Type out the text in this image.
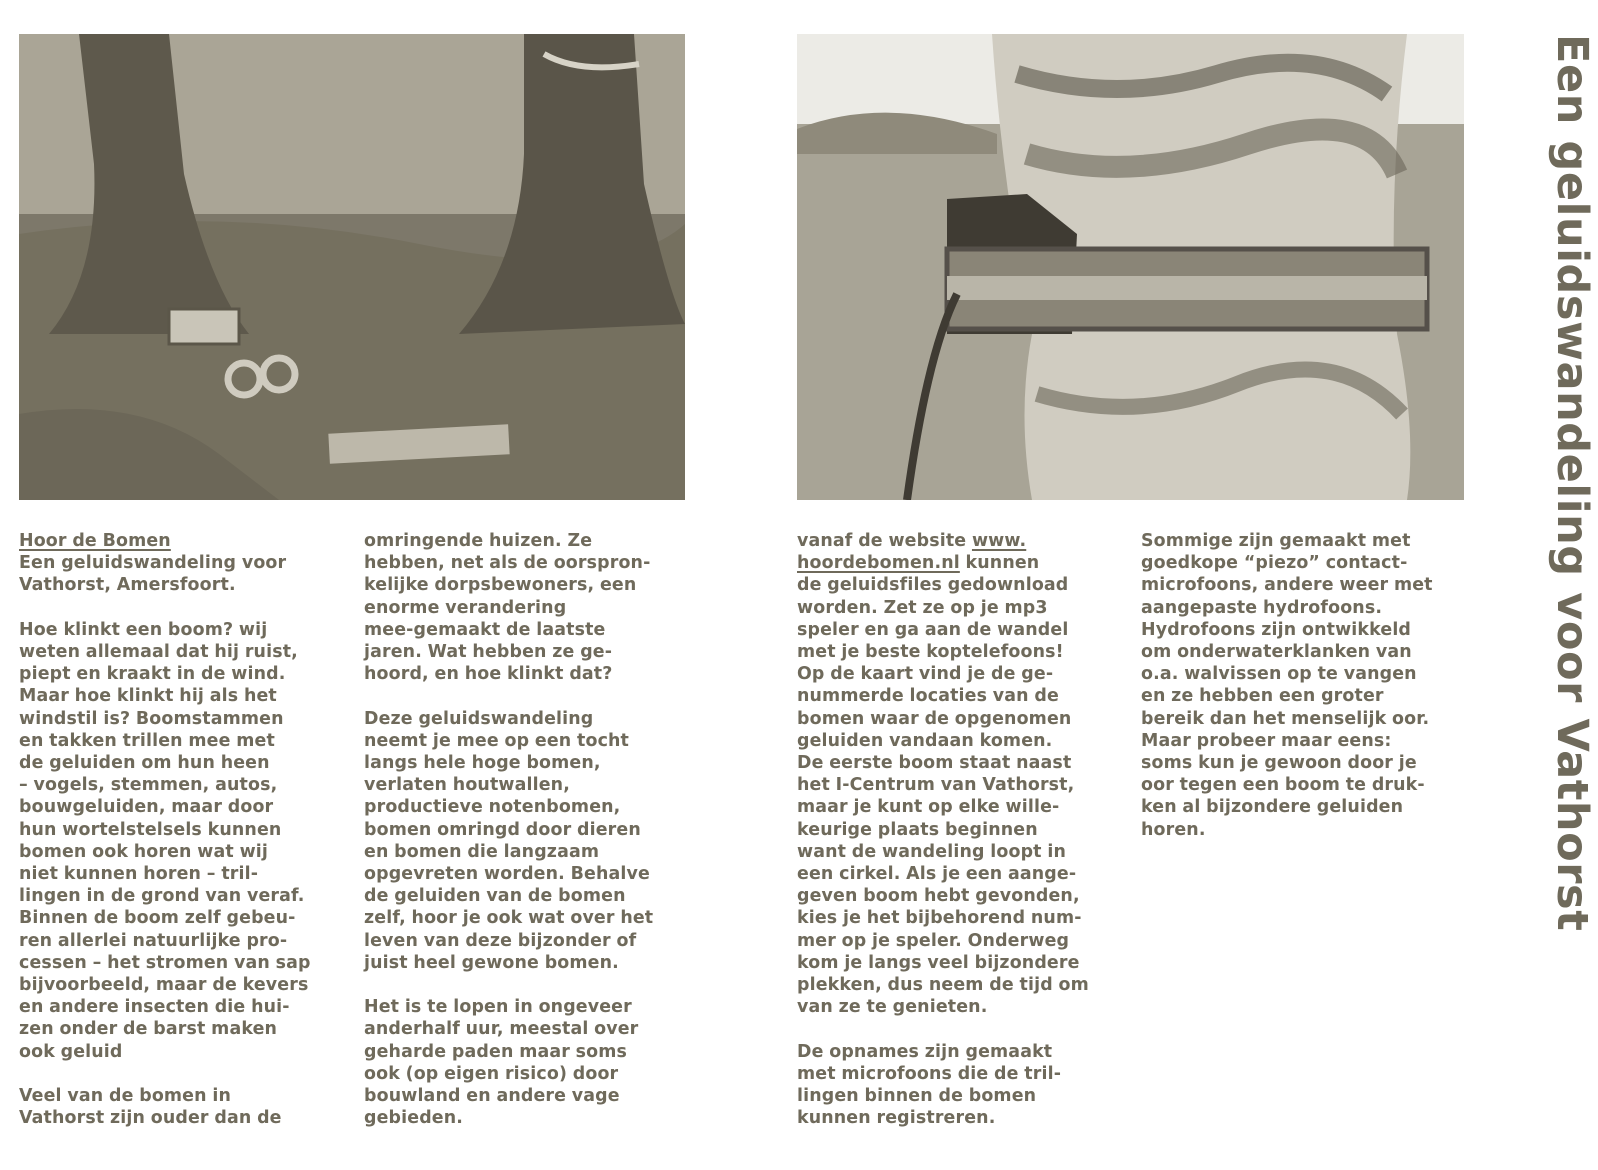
Hoor de Bomen
Een geluidswandeling voor
Vathorst, Amersfoort.

Hoe klinkt een boom? wij
weten allemaal dat hij ruist,
piept en kraakt in de wind.
Maar hoe klinkt hij als het
windstil is? Boomstammen
en takken trillen mee met
de geluiden om hun heen
– vogels, stemmen, autos,
bouwgeluiden, maar door
hun wortelstelsels kunnen
bomen ook horen wat wij
niet kunnen horen – tril-
lingen in de grond van veraf.
Binnen de boom zelf gebeu-
ren allerlei natuurlijke pro-
cessen – het stromen van sap
bijvoorbeeld, maar de kevers
en andere insecten die hui-
zen onder de barst maken
ook geluid

Veel van de bomen in
Vathorst zijn ouder dan de

omringende huizen. Ze
hebben, net als de oorspron-
kelijke dorpsbewoners, een
enorme verandering
mee-gemaakt de laatste
jaren. Wat hebben ze ge-
hoord, en hoe klinkt dat?

Deze geluidswandeling
neemt je mee op een tocht
langs hele hoge bomen,
verlaten houtwallen,
productieve notenbomen,
bomen omringd door dieren
en bomen die langzaam
opgevreten worden. Behalve
de geluiden van de bomen
zelf, hoor je ook wat over het
leven van deze bijzonder of
juist heel gewone bomen.

Het is te lopen in ongeveer
anderhalf uur, meestal over
geharde paden maar soms
ook (op eigen risico) door
bouwland en andere vage
gebieden.

vanaf de website www.
hoordebomen.nl kunnen
de geluidsfiles gedownload
worden. Zet ze op je mp3
speler en ga aan de wandel
met je beste koptelefoons!
Op de kaart vind je de ge-
nummerde locaties van de
bomen waar de opgenomen
geluiden vandaan komen.
De eerste boom staat naast
het I-Centrum van Vathorst,
maar je kunt op elke wille-
keurige plaats beginnen
want de wandeling loopt in
een cirkel. Als je een aange-
geven boom hebt gevonden,
kies je het bijbehorend num-
mer op je speler. Onderweg
kom je langs veel bijzondere
plekken, dus neem de tijd om
van ze te genieten.

De opnames zijn gemaakt
met microfoons die de tril-
lingen binnen de bomen
kunnen registreren.

Sommige zijn gemaakt met
goedkope “piezo” contact-
microfoons, andere weer met
aangepaste hydrofoons.
Hydrofoons zijn ontwikkeld
om onderwaterklanken van
o.a. walvissen op te vangen
en ze hebben een groter
bereik dan het menselijk oor.
Maar probeer maar eens:
soms kun je gewoon door je
oor tegen een boom te druk-
ken al bijzondere geluiden
horen.	Een geluidswandeling voor Vathorst
